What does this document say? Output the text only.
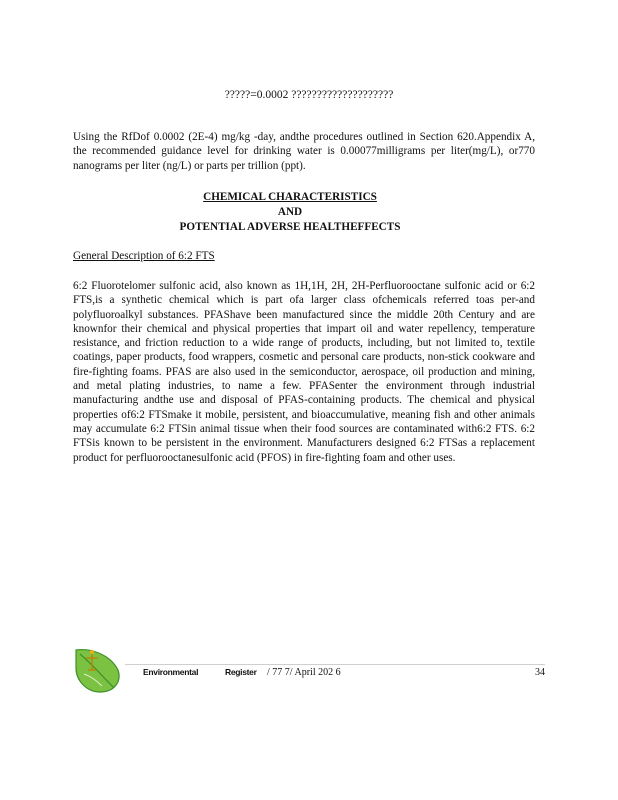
?????=0.0002 ????????????????????
Using the RfDof 0.0002 (2E-4) mg/kg -day, andthe procedures outlined in Section 620.Appendix A, the recommended guidance level for drinking water is 0.00077milligrams per liter(mg/L), or770 nanograms per liter (ng/L) or parts per trillion (ppt).
CHEMICAL CHARACTERISTICS
AND
POTENTIAL ADVERSE HEALTHEFFECTS
General Description of 6:2 FTS
6:2 Fluorotelomer sulfonic acid, also known as 1H,1H, 2H, 2H-Perfluorooctane sulfonic acid or 6:2 FTS,is a synthetic chemical which is part ofa larger class ofchemicals referred toas per-and polyfluoroalkyl substances. PFAShave been manufactured since the middle 20th Century and are knownfor their chemical and physical properties that impart oil and water repellency, temperature resistance, and friction reduction to a wide range of products, including, but not limited to, textile coatings, paper products, food wrappers, cosmetic and personal care products, non-stick cookware and fire-fighting foams. PFAS are also used in the semiconductor, aerospace, oil production and mining, and metal plating industries, to name a few. PFASenter the environment through industrial manufacturing andthe use and disposal of PFAS-containing products. The chemical and physical properties of6:2 FTSmake it mobile, persistent, and bioaccumulative, meaning fish and other animals may accumulate 6:2 FTSin animal tissue when their food sources are contaminated with6:2 FTS. 6:2 FTSis known to be persistent in the environment. Manufacturers designed 6:2 FTSas a replacement product for perfluorooctanesulfonic acid (PFOS) in fire-fighting foam and other uses.
Environmental	Register / 77 7/ April 202 6	34
